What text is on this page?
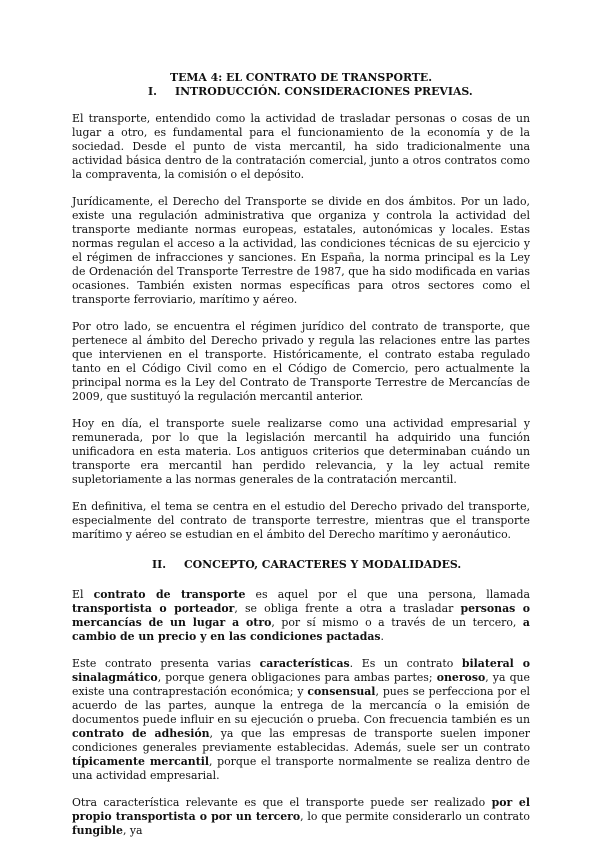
TEMA 4: EL CONTRATO DE TRANSPORTE.
I.	INTRODUCCIÓN. CONSIDERACIONES PREVIAS.

El transporte, entendido como la actividad de trasladar personas o cosas de un lugar a otro, es fundamental para el funcionamiento de la economía y de la sociedad. Desde el punto de vista mercantil, ha sido tradicionalmente una actividad básica dentro de la contratación comercial, junto a otros contratos como la compraventa, la comisión o el depósito.

Jurídicamente, el Derecho del Transporte se divide en dos ámbitos. Por un lado, existe una regulación administrativa que organiza y controla la actividad del transporte mediante normas europeas, estatales, autonómicas y locales. Estas normas regulan el acceso a la actividad, las condiciones técnicas de su ejercicio y el régimen de infracciones y sanciones. En España, la norma principal es la Ley de Ordenación del Transporte Terrestre de 1987, que ha sido modificada en varias ocasiones. También existen normas específicas para otros sectores como el transporte ferroviario, marítimo y aéreo.

Por otro lado, se encuentra el régimen jurídico del contrato de transporte, que pertenece al ámbito del Derecho privado y regula las relaciones entre las partes que intervienen en el transporte. Históricamente, el contrato estaba regulado tanto en el Código Civil como en el Código de Comercio, pero actualmente la principal norma es la Ley del Contrato de Transporte Terrestre de Mercancías de 2009, que sustituyó la regulación mercantil anterior.

Hoy en día, el transporte suele realizarse como una actividad empresarial y remunerada, por lo que la legislación mercantil ha adquirido una función unificadora en esta materia. Los antiguos criterios que determinaban cuándo un transporte era mercantil han perdido relevancia, y la ley actual remite supletoriamente a las normas generales de la contratación mercantil.

En definitiva, el tema se centra en el estudio del Derecho privado del transporte, especialmente del contrato de transporte terrestre, mientras que el transporte marítimo y aéreo se estudian en el ámbito del Derecho marítimo y aeronáutico.

II.	CONCEPTO, CARACTERES Y MODALIDADES.

El contrato de transporte es aquel por el que una persona, llamada transportista o porteador, se obliga frente a otra a trasladar personas o mercancías de un lugar a otro, por sí mismo o a través de un tercero, a cambio de un precio y en las condiciones pactadas.

Este contrato presenta varias características. Es un contrato bilateral o sinalagmático, porque genera obligaciones para ambas partes; oneroso, ya que existe una contraprestación económica; y consensual, pues se perfecciona por el acuerdo de las partes, aunque la entrega de la mercancía o la emisión de documentos puede influir en su ejecución o prueba. Con frecuencia también es un contrato de adhesión, ya que las empresas de transporte suelen imponer condiciones generales previamente establecidas. Además, suele ser un contrato típicamente mercantil, porque el transporte normalmente se realiza dentro de una actividad empresarial.

Otra característica relevante es que el transporte puede ser realizado por el propio transportista o por un tercero, lo que permite considerarlo un contrato fungible, ya
